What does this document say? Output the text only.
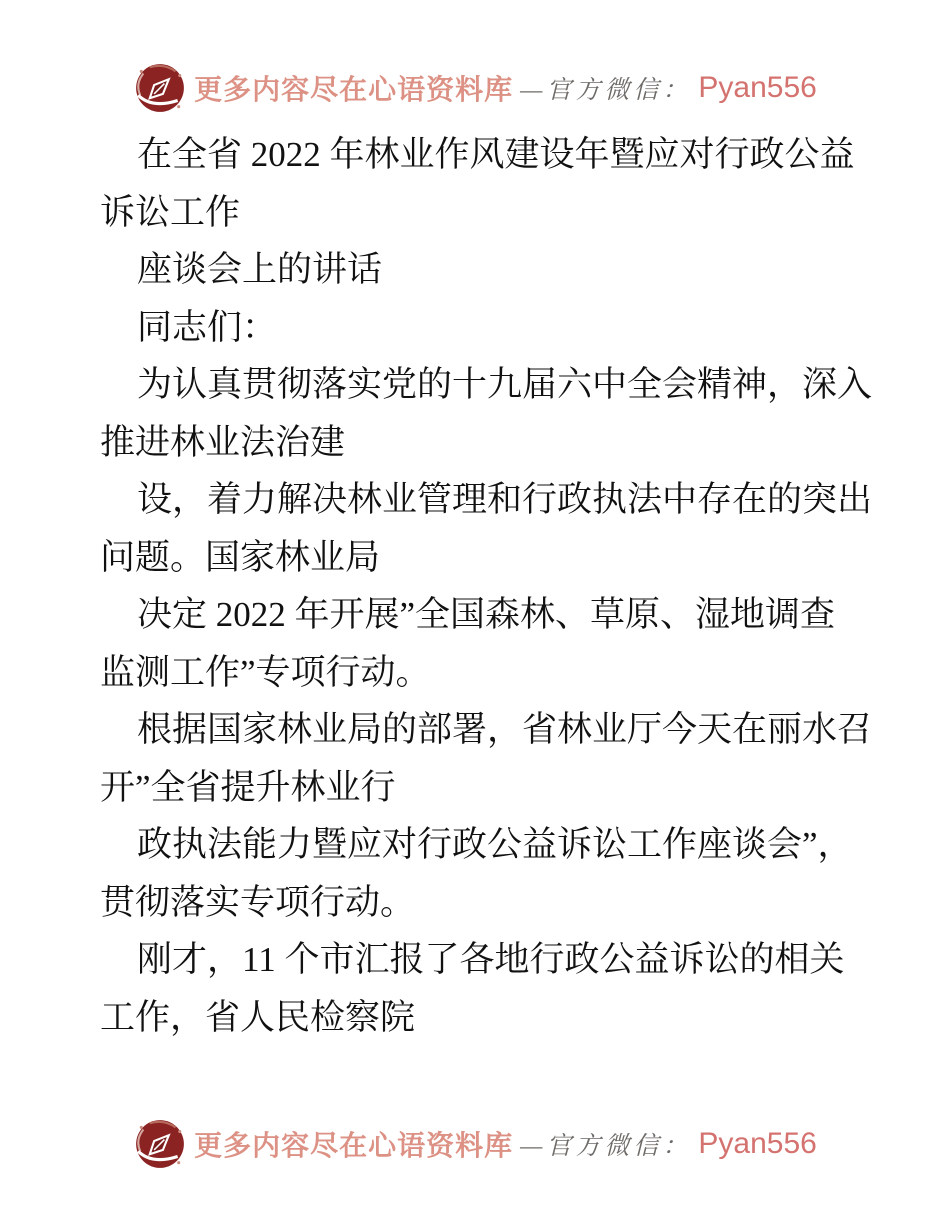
更多内容尽在心语资料库 —官方微信： Pyan556
在全省 2022 年林业作风建设年暨应对行政公益
诉讼工作
座谈会上的讲话
同志们：
为认真贯彻落实党的十九届六中全会精神，深入
推进林业法治建
设，着力解决林业管理和行政执法中存在的突出
问题。国家林业局
决定 2022 年开展”全国森林、草原、湿地调查
监测工作”专项行动。
根据国家林业局的部署，省林业厅今天在丽水召
开”全省提升林业行
政执法能力暨应对行政公益诉讼工作座谈会”，
贯彻落实专项行动。
刚才，11 个市汇报了各地行政公益诉讼的相关
工作，省人民检察院
更多内容尽在心语资料库 —官方微信： Pyan556
